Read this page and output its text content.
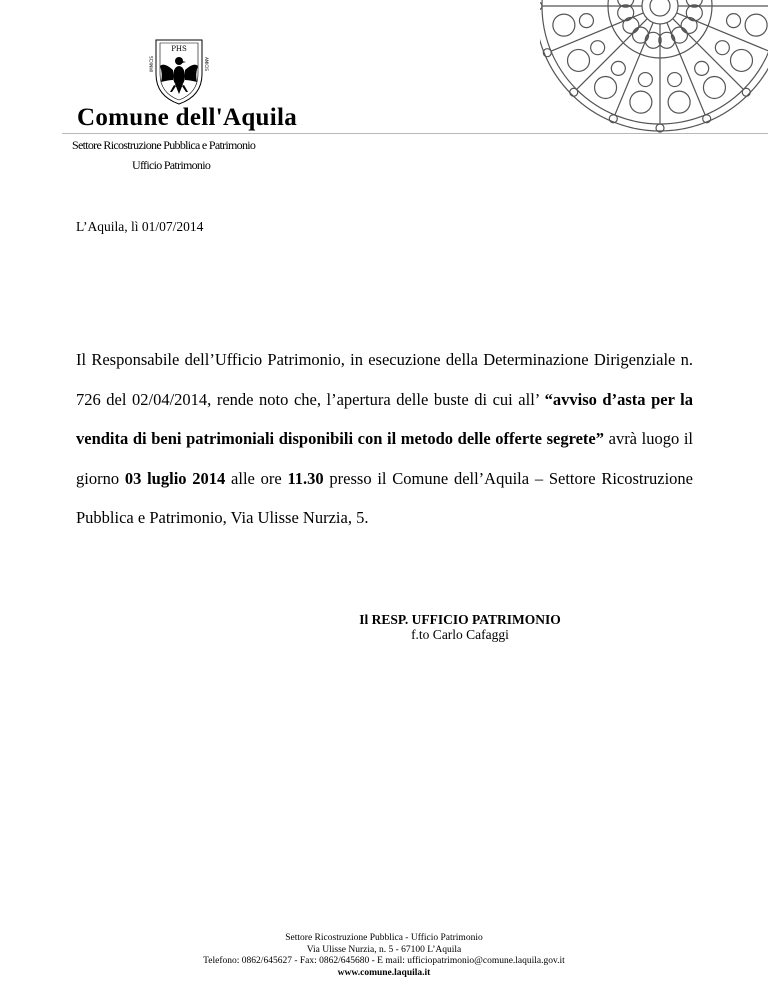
PHS
IMMICIS	AMICIS
Comune dell'Aquila
Settore Ricostruzione Pubblica e Patrimonio
Ufficio Patrimonio
L’Aquila, lì 01/07/2014
Il Responsabile dell’Ufficio Patrimonio, in esecuzione della Determinazione Dirigenziale n. 726 del 02/04/2014, rende noto che, l’apertura delle buste di cui all’ “avviso d’asta per la vendita di beni patrimoniali disponibili con il metodo delle offerte segrete” avrà luogo il giorno 03 luglio 2014 alle ore 11.30 presso il Comune dell’Aquila – Settore Ricostruzione Pubblica e Patrimonio, Via Ulisse Nurzia, 5.
Il RESP. UFFICIO PATRIMONIO
f.to Carlo Cafaggi
Settore Ricostruzione Pubblica - Ufficio Patrimonio
Via Ulisse Nurzia, n. 5 - 67100 L’Aquila
Telefono: 0862/645627 - Fax: 0862/645680 - E mail: ufficiopatrimonio@comune.laquila.gov.it
www.comune.laquila.it
